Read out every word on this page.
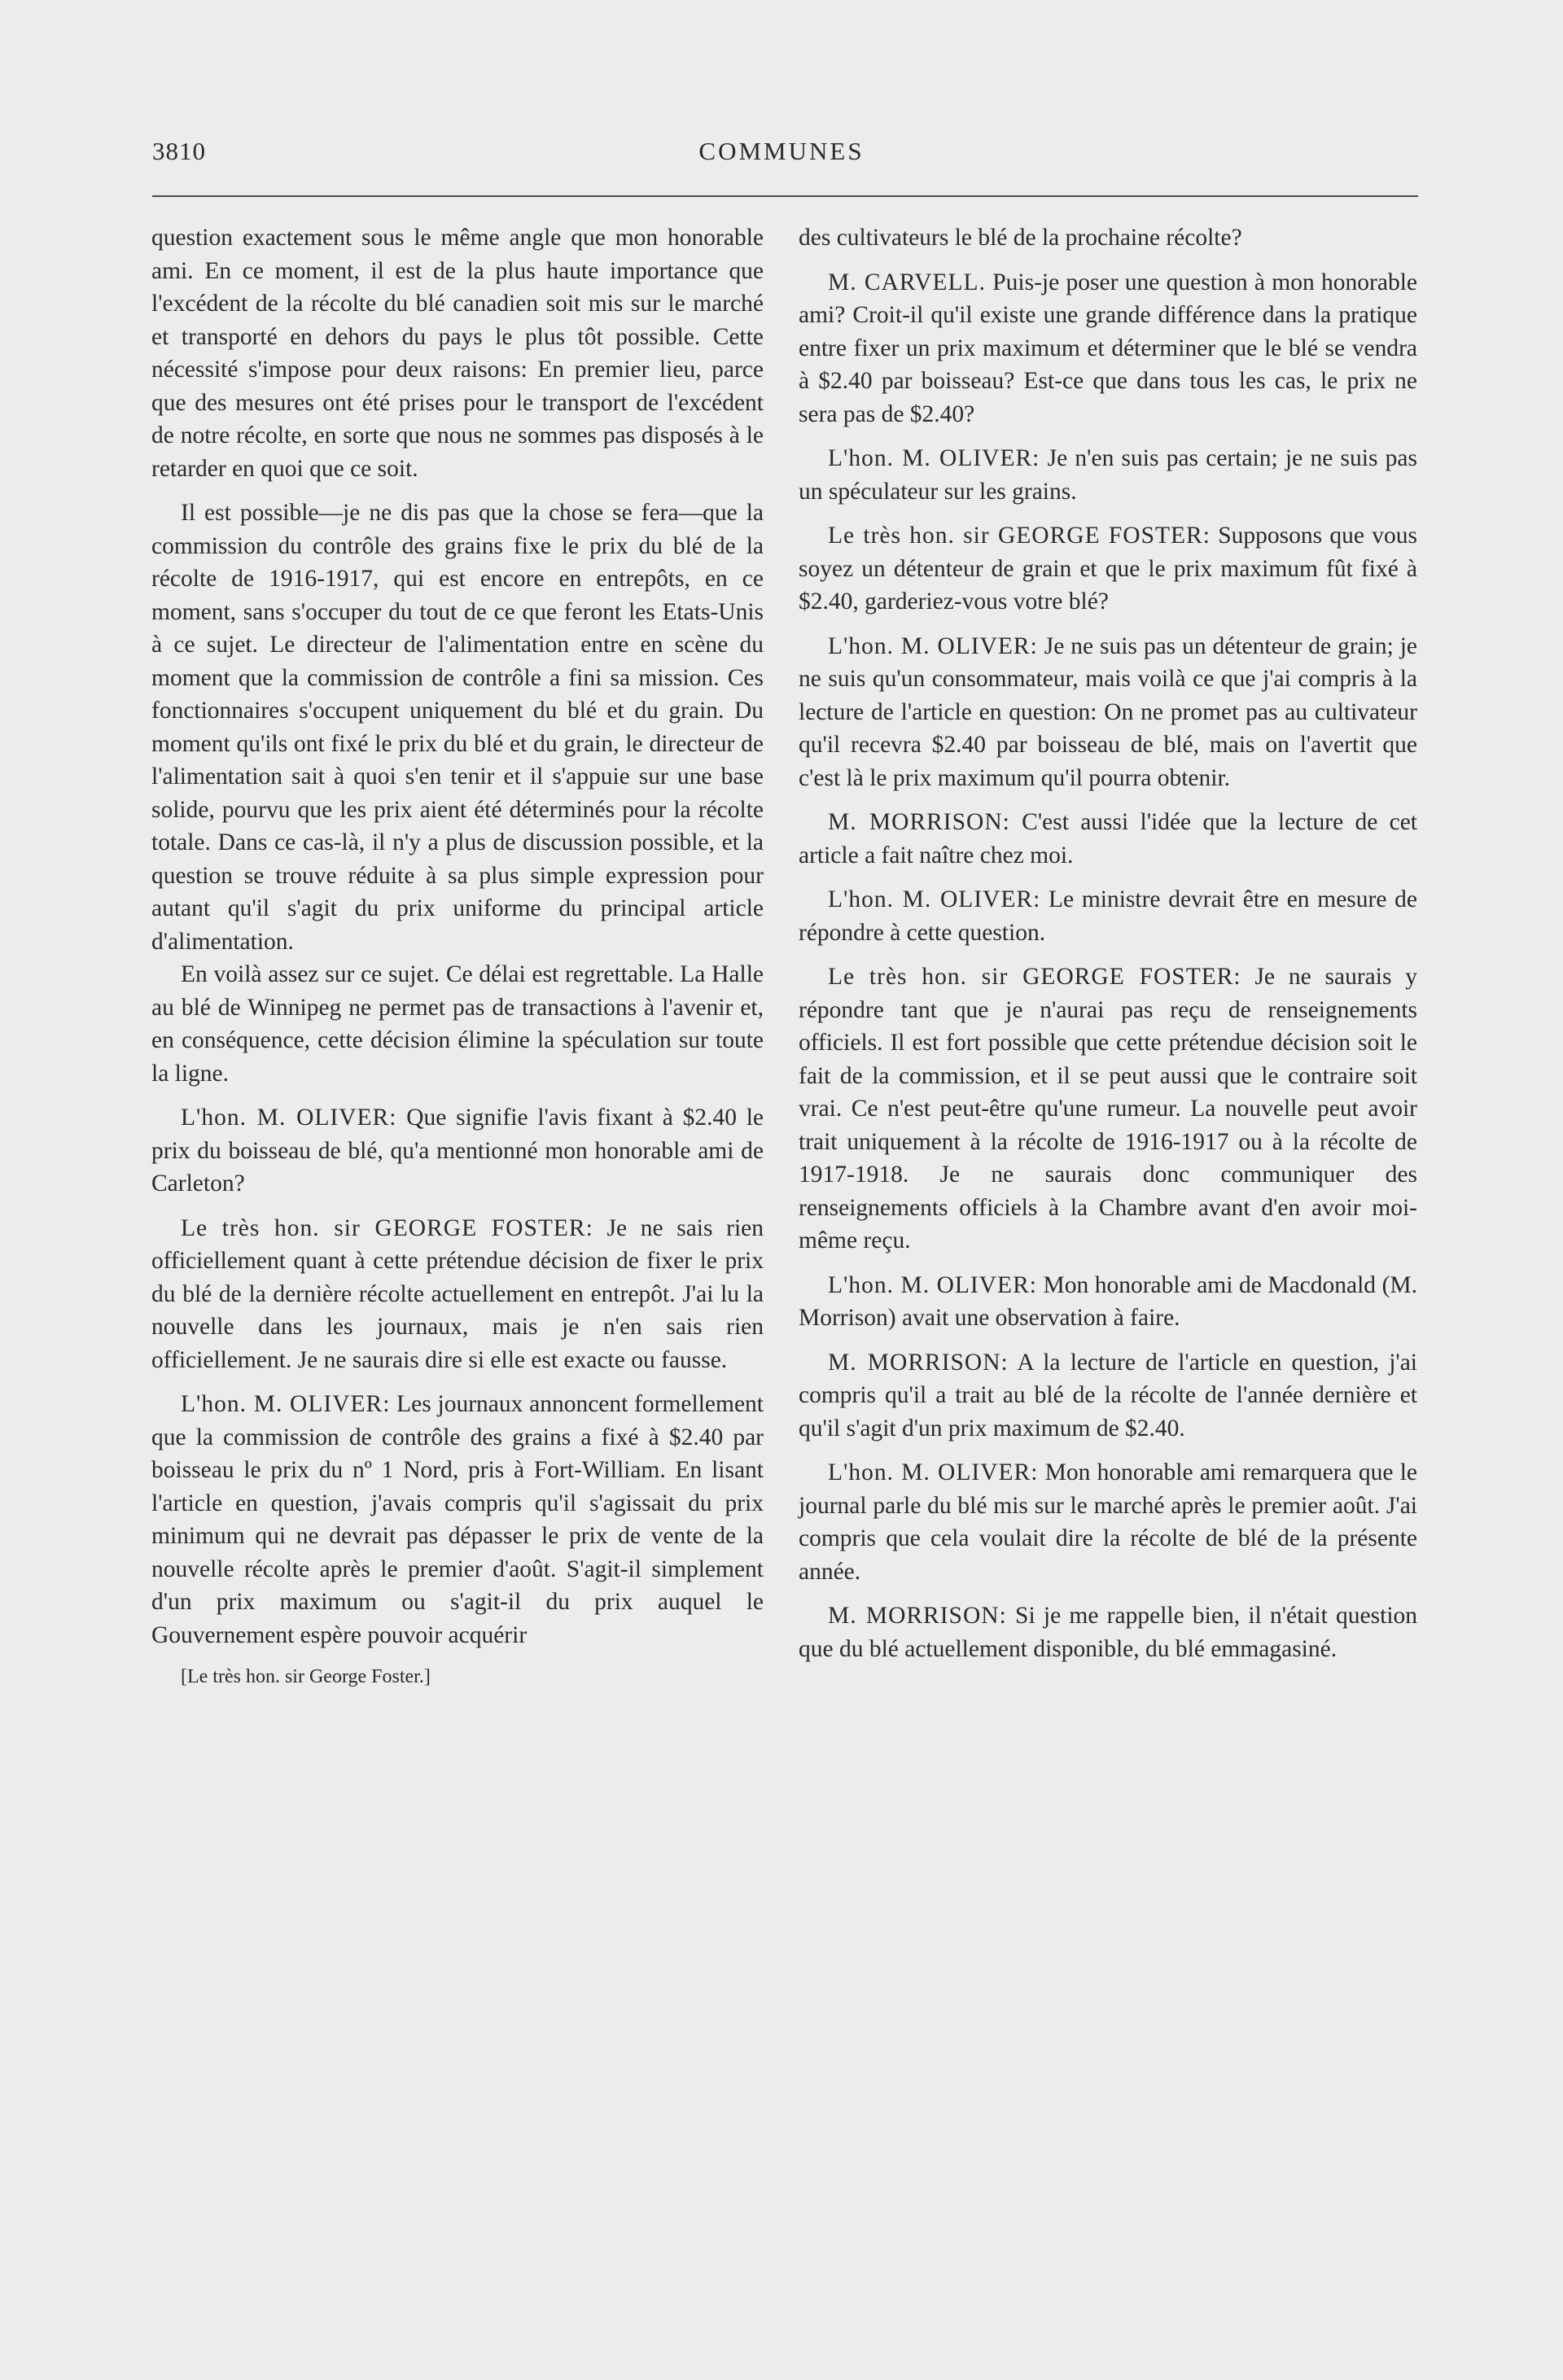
3810	COMMUNES

question exactement sous le même angle que mon honorable ami. En ce moment, il est de la plus haute importance que l'excédent de la récolte du blé canadien soit mis sur le marché et transporté en dehors du pays le plus tôt possible. Cette nécessité s'impose pour deux raisons: En premier lieu, parce que des mesures ont été prises pour le transport de l'excédent de notre récolte, en sorte que nous ne sommes pas disposés à le retarder en quoi que ce soit.

Il est possible—je ne dis pas que la chose se fera—que la commission du contrôle des grains fixe le prix du blé de la récolte de 1916-1917, qui est encore en entrepôts, en ce moment, sans s'occuper du tout de ce que feront les Etats-Unis à ce sujet. Le directeur de l'alimentation entre en scène du moment que la commission de contrôle a fini sa mission. Ces fonctionnaires s'occupent uniquement du blé et du grain. Du moment qu'ils ont fixé le prix du blé et du grain, le directeur de l'alimentation sait à quoi s'en tenir et il s'appuie sur une base solide, pourvu que les prix aient été déterminés pour la récolte totale. Dans ce cas-là, il n'y a plus de discussion possible, et la question se trouve réduite à sa plus simple expression pour autant qu'il s'agit du prix uniforme du principal article d'alimentation.

En voilà assez sur ce sujet. Ce délai est regrettable. La Halle au blé de Winnipeg ne permet pas de transactions à l'avenir et, en conséquence, cette décision élimine la spéculation sur toute la ligne.

L'hon. M. OLIVER: Que signifie l'avis fixant à $2.40 le prix du boisseau de blé, qu'a mentionné mon honorable ami de Carleton?

Le très hon. sir GEORGE FOSTER: Je ne sais rien officiellement quant à cette prétendue décision de fixer le prix du blé de la dernière récolte actuellement en entrepôt. J'ai lu la nouvelle dans les journaux, mais je n'en sais rien officiellement. Je ne saurais dire si elle est exacte ou fausse.

L'hon. M. OLIVER: Les journaux annoncent formellement que la commission de contrôle des grains a fixé à $2.40 par boisseau le prix du nº 1 Nord, pris à Fort-William. En lisant l'article en question, j'avais compris qu'il s'agissait du prix minimum qui ne devrait pas dépasser le prix de vente de la nouvelle récolte après le premier d'août. S'agit-il simplement d'un prix maximum ou s'agit-il du prix auquel le Gouvernement espère pouvoir acquérir

[Le très hon. sir George Foster.]

des cultivateurs le blé de la prochaine récolte?

M. CARVELL. Puis-je poser une question à mon honorable ami? Croit-il qu'il existe une grande différence dans la pratique entre fixer un prix maximum et déterminer que le blé se vendra à $2.40 par boisseau? Est-ce que dans tous les cas, le prix ne sera pas de $2.40?

L'hon. M. OLIVER: Je n'en suis pas certain; je ne suis pas un spéculateur sur les grains.

Le très hon. sir GEORGE FOSTER: Supposons que vous soyez un détenteur de grain et que le prix maximum fût fixé à $2.40, garderiez-vous votre blé?

L'hon. M. OLIVER: Je ne suis pas un détenteur de grain; je ne suis qu'un consommateur, mais voilà ce que j'ai compris à la lecture de l'article en question: On ne promet pas au cultivateur qu'il recevra $2.40 par boisseau de blé, mais on l'avertit que c'est là le prix maximum qu'il pourra obtenir.

M. MORRISON: C'est aussi l'idée que la lecture de cet article a fait naître chez moi.

L'hon. M. OLIVER: Le ministre devrait être en mesure de répondre à cette question.

Le très hon. sir GEORGE FOSTER: Je ne saurais y répondre tant que je n'aurai pas reçu de renseignements officiels. Il est fort possible que cette prétendue décision soit le fait de la commission, et il se peut aussi que le contraire soit vrai. Ce n'est peut-être qu'une rumeur. La nouvelle peut avoir trait uniquement à la récolte de 1916-1917 ou à la récolte de 1917-1918. Je ne saurais donc communiquer des renseignements officiels à la Chambre avant d'en avoir moi-même reçu.

L'hon. M. OLIVER: Mon honorable ami de Macdonald (M. Morrison) avait une observation à faire.

M. MORRISON: A la lecture de l'article en question, j'ai compris qu'il a trait au blé de la récolte de l'année dernière et qu'il s'agit d'un prix maximum de $2.40.

L'hon. M. OLIVER: Mon honorable ami remarquera que le journal parle du blé mis sur le marché après le premier août. J'ai compris que cela voulait dire la récolte de blé de la présente année.

M. MORRISON: Si je me rappelle bien, il n'était question que du blé actuellement disponible, du blé emmagasiné.
